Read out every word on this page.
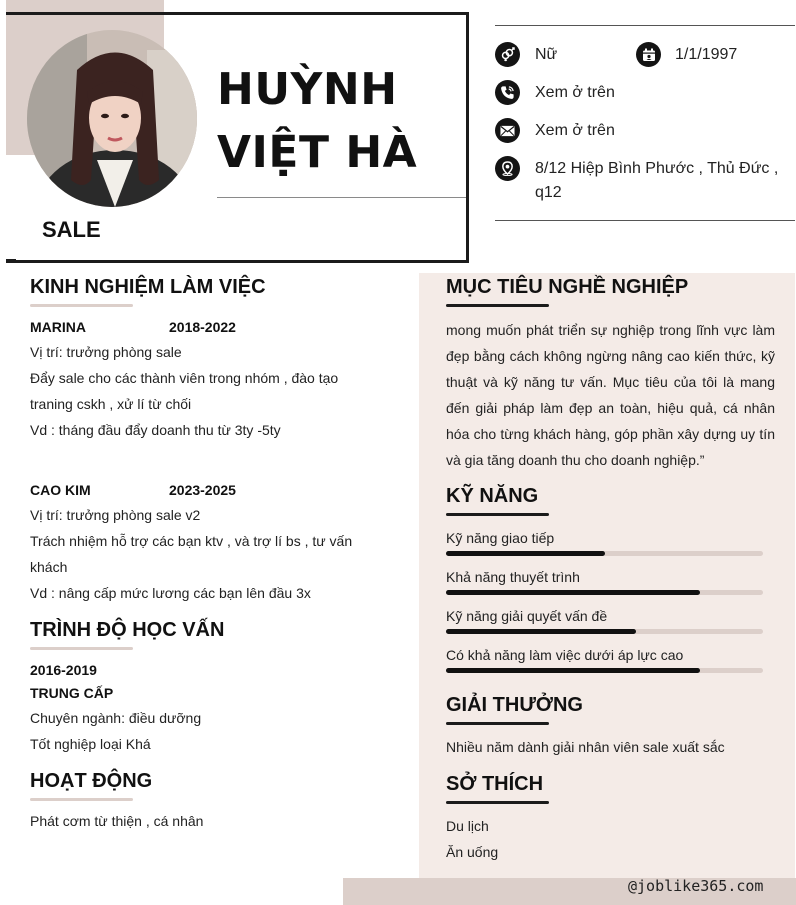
HUỲNH
VIỆT HÀ
SALE
Nữ	1/1/1997
Xem ở trên
Xem ở trên
8/12 Hiệp Bình Phước , Thủ Đức ,
q12
KINH NGHIỆM LÀM VIỆC
MARINA	2018-2022
Vị trí: trưởng phòng sale
Đẩy sale cho các thành viên trong nhóm , đào tạo
traning cskh , xử lí từ chối
Vd : tháng đầu đẩy doanh thu từ 3ty -5ty
CAO KIM	2023-2025
Vị trí: trưởng phòng sale v2
Trách nhiệm hỗ trợ các bạn ktv , và trợ lí bs , tư vấn
khách
Vd : nâng cấp mức lương các bạn lên đầu 3x
TRÌNH ĐỘ HỌC VẤN
2016-2019
TRUNG CẤP
Chuyên ngành: điều dưỡng
Tốt nghiệp loại Khá
HOẠT ĐỘNG
Phát cơm từ thiện , cá nhân
MỤC TIÊU NGHỀ NGHIỆP
mong muốn phát triển sự nghiệp trong lĩnh vực làm đẹp bằng cách không ngừng nâng cao kiến thức, kỹ thuật và kỹ năng tư vấn. Mục tiêu của tôi là mang đến giải pháp làm đẹp an toàn, hiệu quả, cá nhân hóa cho từng khách hàng, góp phần xây dựng uy tín và gia tăng doanh thu cho doanh nghiệp.”
KỸ NĂNG
Kỹ năng giao tiếp
Khả năng thuyết trình
Kỹ năng giải quyết vấn đề
Có khả năng làm việc dưới áp lực cao
GIẢI THƯỞNG
Nhiều năm dành giải nhân viên sale xuất sắc
SỞ THÍCH
Du lịch
Ăn uống
@joblike365.com
